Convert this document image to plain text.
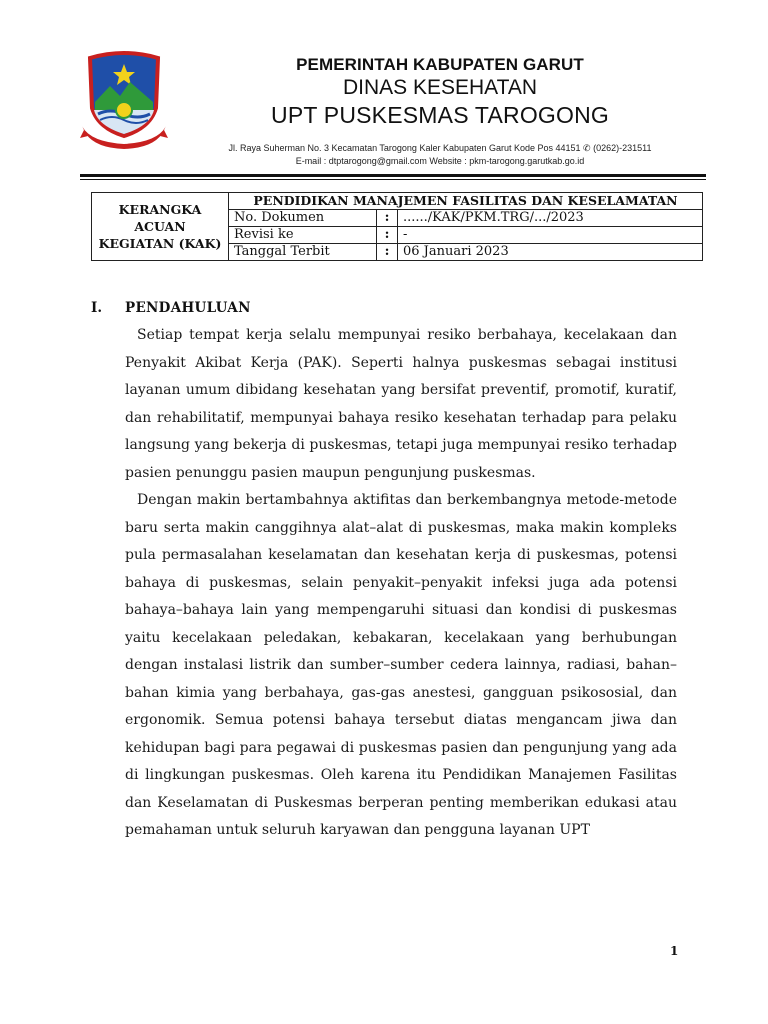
PEMERINTAH KABUPATEN GARUT
DINAS KESEHATAN
UPT PUSKESMAS TAROGONG
Jl. Raya Suherman No. 3 Kecamatan Tarogong Kaler Kabupaten Garut Kode Pos 44151 ✆ (0262)-231511
E-mail : dtptarogong@gmail.com Website : pkm-tarogong.garutkab.go.id
KERANGKA ACUAN KEGIATAN (KAK)	PENDIDIKAN MANAJEMEN FASILITAS DAN KESELAMATAN		
	No. Dokumen	:	....../KAK/PKM.TRG/.../2023
	Revisi ke	:	-
	Tanggal Terbit	:	06 Januari 2023
I. PENDAHULUAN

Setiap tempat kerja selalu mempunyai resiko berbahaya, kecelakaan dan Penyakit Akibat Kerja (PAK). Seperti halnya puskesmas sebagai institusi layanan umum dibidang kesehatan yang bersifat preventif, promotif, kuratif, dan rehabilitatif, mempunyai bahaya resiko kesehatan terhadap para pelaku langsung yang bekerja di puskesmas, tetapi juga mempunyai resiko terhadap pasien penunggu pasien maupun pengunjung puskesmas.

Dengan makin bertambahnya aktifitas dan berkembangnya metode-metode baru serta makin canggihnya alat–alat di puskesmas, maka makin kompleks pula permasalahan keselamatan dan kesehatan kerja di puskesmas, potensi bahaya di puskesmas, selain penyakit–penyakit infeksi juga ada potensi bahaya–bahaya lain yang mempengaruhi situasi dan kondisi di puskesmas yaitu kecelakaan peledakan, kebakaran, kecelakaan yang berhubungan dengan instalasi listrik dan sumber–sumber cedera lainnya, radiasi, bahan–bahan kimia yang berbahaya, gas-gas anestesi, gangguan psikososial, dan ergonomik. Semua potensi bahaya tersebut diatas mengancam jiwa dan kehidupan bagi para pegawai di puskesmas pasien dan pengunjung yang ada di lingkungan puskesmas. Oleh karena itu Pendidikan Manajemen Fasilitas dan Keselamatan di Puskesmas berperan penting memberikan edukasi atau pemahaman untuk seluruh karyawan dan pengguna layanan UPT

1
